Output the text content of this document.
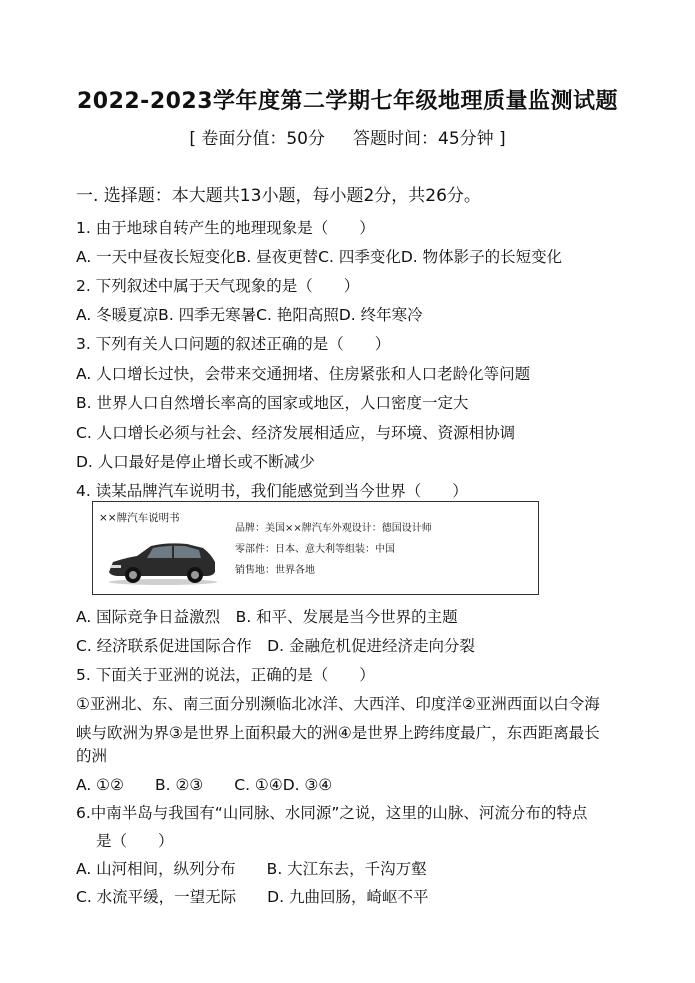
2022-2023学年度第二学期七年级地理质量监测试题
[ 卷面分值：50分 答题时间：45分钟 ]
一. 选择题：本大题共13小题，每小题2分，共26分。
1. 由于地球自转产生的地理现象是（　　）
A. 一天中昼夜长短变化B. 昼夜更替C. 四季变化D. 物体影子的长短变化
2. 下列叙述中属于天气现象的是（　　）
A. 冬暖夏凉B. 四季无寒暑C. 艳阳高照D. 终年寒冷
3. 下列有关人口问题的叙述正确的是（　　）
A. 人口增长过快，会带来交通拥堵、住房紧张和人口老龄化等问题
B. 世界人口自然增长率高的国家或地区，人口密度一定大
C. 人口增长必须与社会、经济发展相适应，与环境、资源相协调
D. 人口最好是停止增长或不断减少
4. 读某品牌汽车说明书，我们能感觉到当今世界（　　）
××牌汽车说明书
品牌：美国××牌汽车外观设计：德国设计师
零部件：日本、意大利等组装：中国
销售地：世界各地
A. 国际竞争日益激烈　B. 和平、发展是当今世界的主题
C. 经济联系促进国际合作　D. 金融危机促进经济走向分裂
5. 下面关于亚洲的说法，正确的是（　　）
①亚洲北、东、南三面分别濒临北冰洋、大西洋、印度洋②亚洲西面以白令海
峡与欧洲为界③是世界上面积最大的洲④是世界上跨纬度最广，东西距离最长
的洲
A. ①②　　B. ②③　　C. ①④D. ③④
6.中南半岛与我国有“山同脉、水同源”之说，这里的山脉、河流分布的特点
是（　　）
A. 山河相间，纵列分布　　B. 大江东去，千沟万壑
C. 水流平缓，一望无际　　D. 九曲回肠，崎岖不平
